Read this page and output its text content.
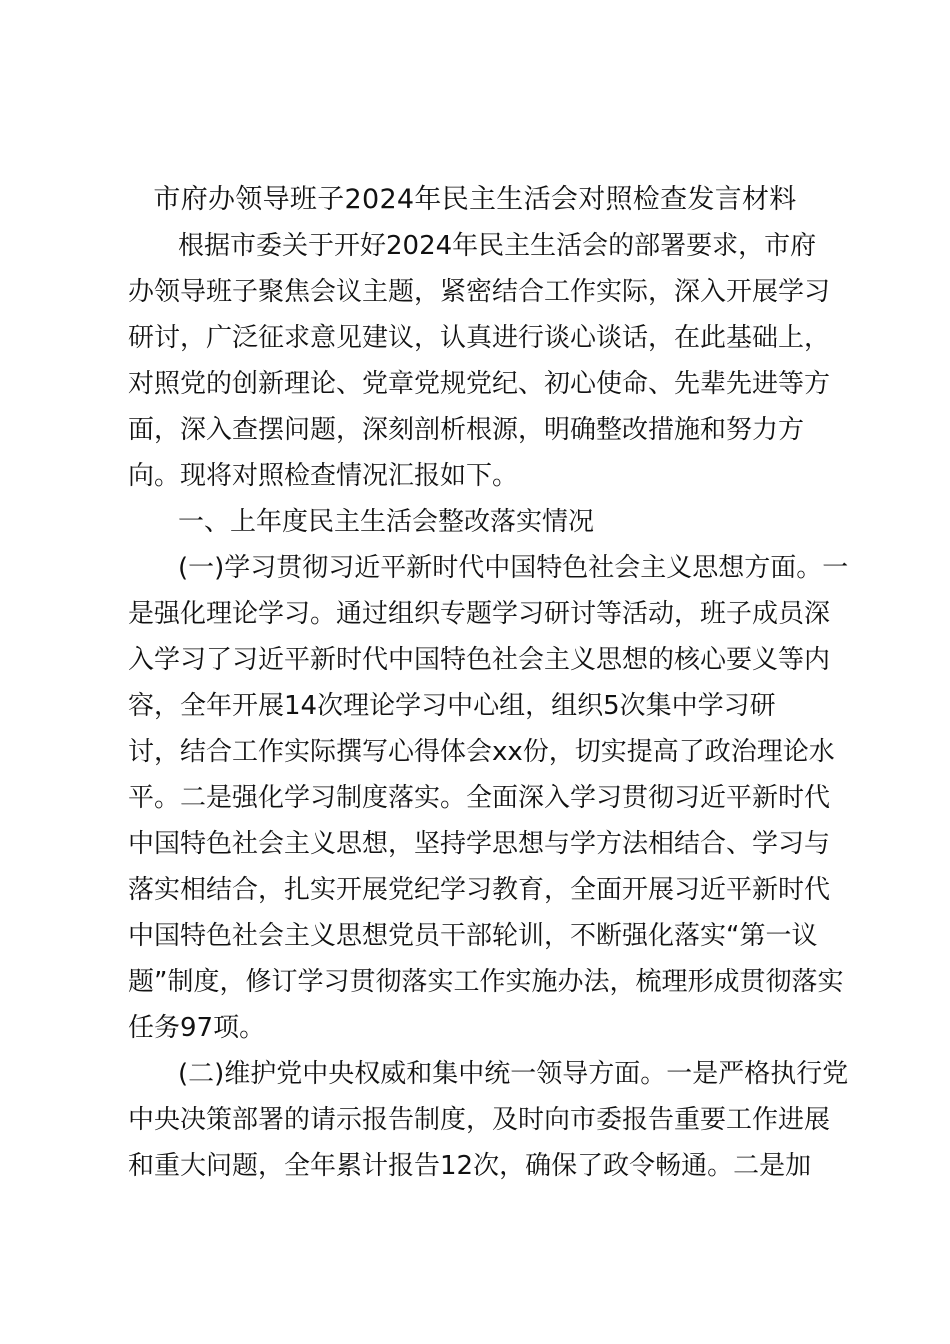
市府办领导班子2024年民主生活会对照检查发言材料
根据市委关于开好2024年民主生活会的部署要求，市府
办领导班子聚焦会议主题，紧密结合工作实际，深入开展学习
研讨，广泛征求意见建议，认真进行谈心谈话，在此基础上，
对照党的创新理论、党章党规党纪、初心使命、先辈先进等方
面，深入查摆问题，深刻剖析根源，明确整改措施和努力方
向。现将对照检查情况汇报如下。
一、上年度民主生活会整改落实情况
(一)学习贯彻习近平新时代中国特色社会主义思想方面。一
是强化理论学习。通过组织专题学习研讨等活动，班子成员深
入学习了习近平新时代中国特色社会主义思想的核心要义等内
容，全年开展14次理论学习中心组，组织5次集中学习研
讨，结合工作实际撰写心得体会xx份，切实提高了政治理论水
平。二是强化学习制度落实。全面深入学习贯彻习近平新时代
中国特色社会主义思想，坚持学思想与学方法相结合、学习与
落实相结合，扎实开展党纪学习教育，全面开展习近平新时代
中国特色社会主义思想党员干部轮训，不断强化落实“第一议
题”制度，修订学习贯彻落实工作实施办法，梳理形成贯彻落实
任务97项。
(二)维护党中央权威和集中统一领导方面。一是严格执行党
中央决策部署的请示报告制度，及时向市委报告重要工作进展
和重大问题，全年累计报告12次，确保了政令畅通。二是加
